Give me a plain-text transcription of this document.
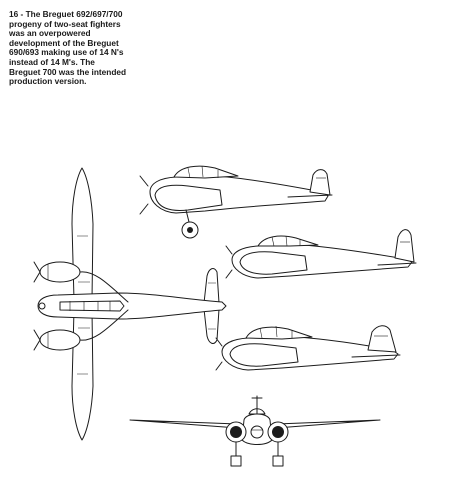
16 - The Breguet 692/697/700
progeny of two-seat fighters
was an overpowered
development of the Breguet
690/693 making use of 14 N's
instead of 14 M's. The
Breguet 700 was the intended
production version.
